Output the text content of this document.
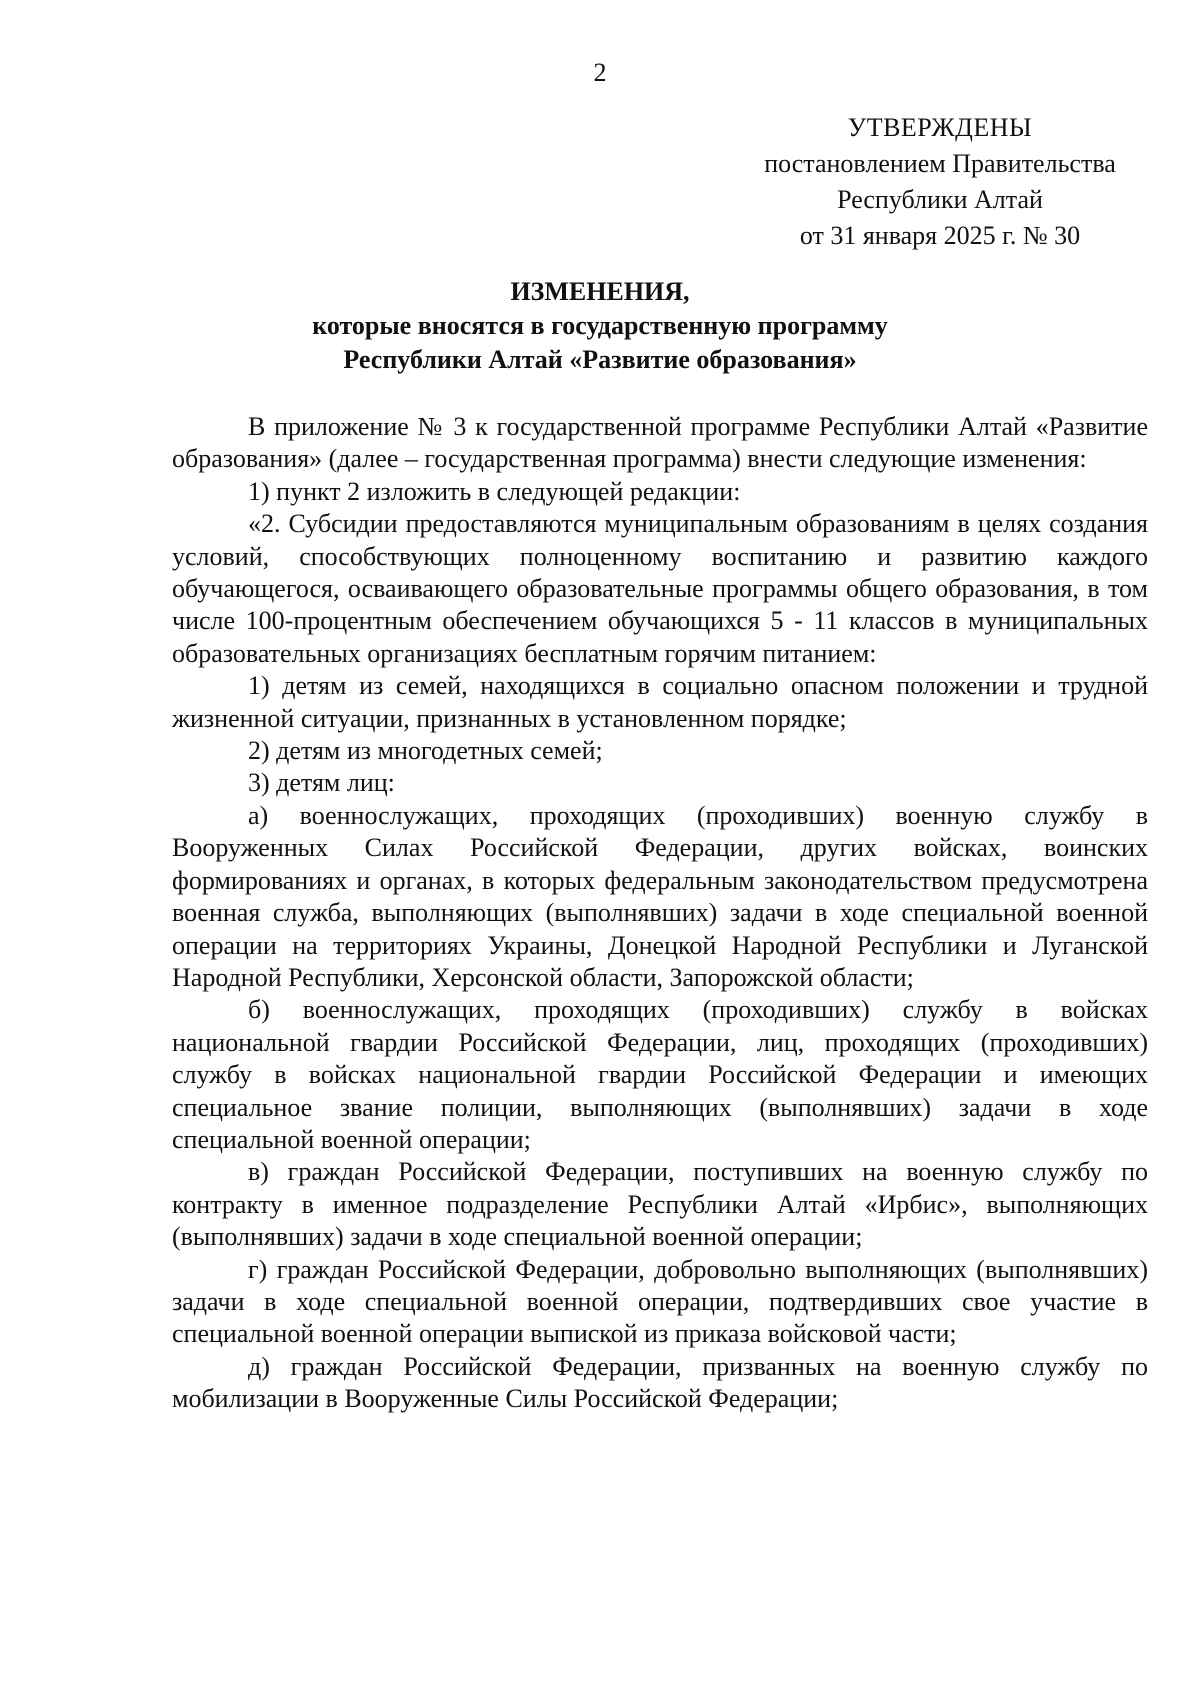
2
УТВЕРЖДЕНЫ
постановлением Правительства
Республики Алтай
от 31 января 2025 г. № 30
ИЗМЕНЕНИЯ,
которые вносятся в государственную программу
Республики Алтай «Развитие образования»

В приложение № 3 к государственной программе Республики Алтай «Развитие образования» (далее – государственная программа) внести следующие изменения:

1) пункт 2 изложить в следующей редакции:

«2. Субсидии предоставляются муниципальным образованиям в целях создания условий, способствующих полноценному воспитанию и развитию каждого обучающегося, осваивающего образовательные программы общего образования, в том числе 100-процентным обеспечением обучающихся 5 - 11 классов в муниципальных образовательных организациях бесплатным горячим питанием:

1) детям из семей, находящихся в социально опасном положении и трудной жизненной ситуации, признанных в установленном порядке;

2) детям из многодетных семей;

3) детям лиц:

а) военнослужащих, проходящих (проходивших) военную службу в Вооруженных Силах Российской Федерации, других войсках, воинских формированиях и органах, в которых федеральным законодательством предусмотрена военная служба, выполняющих (выполнявших) задачи в ходе специальной военной операции на территориях Украины, Донецкой Народной Республики и Луганской Народной Республики, Херсонской области, Запорожской области;

б) военнослужащих, проходящих (проходивших) службу в войсках национальной гвардии Российской Федерации, лиц, проходящих (проходивших) службу в войсках национальной гвардии Российской Федерации и имеющих специальное звание полиции, выполняющих (выполнявших) задачи в ходе специальной военной операции;

в) граждан Российской Федерации, поступивших на военную службу по контракту в именное подразделение Республики Алтай «Ирбис», выполняющих (выполнявших) задачи в ходе специальной военной операции;

г) граждан Российской Федерации, добровольно выполняющих (выполнявших) задачи в ходе специальной военной операции, подтвердивших свое участие в специальной военной операции выпиской из приказа войсковой части;

д) граждан Российской Федерации, призванных на военную службу по мобилизации в Вооруженные Силы Российской Федерации;
